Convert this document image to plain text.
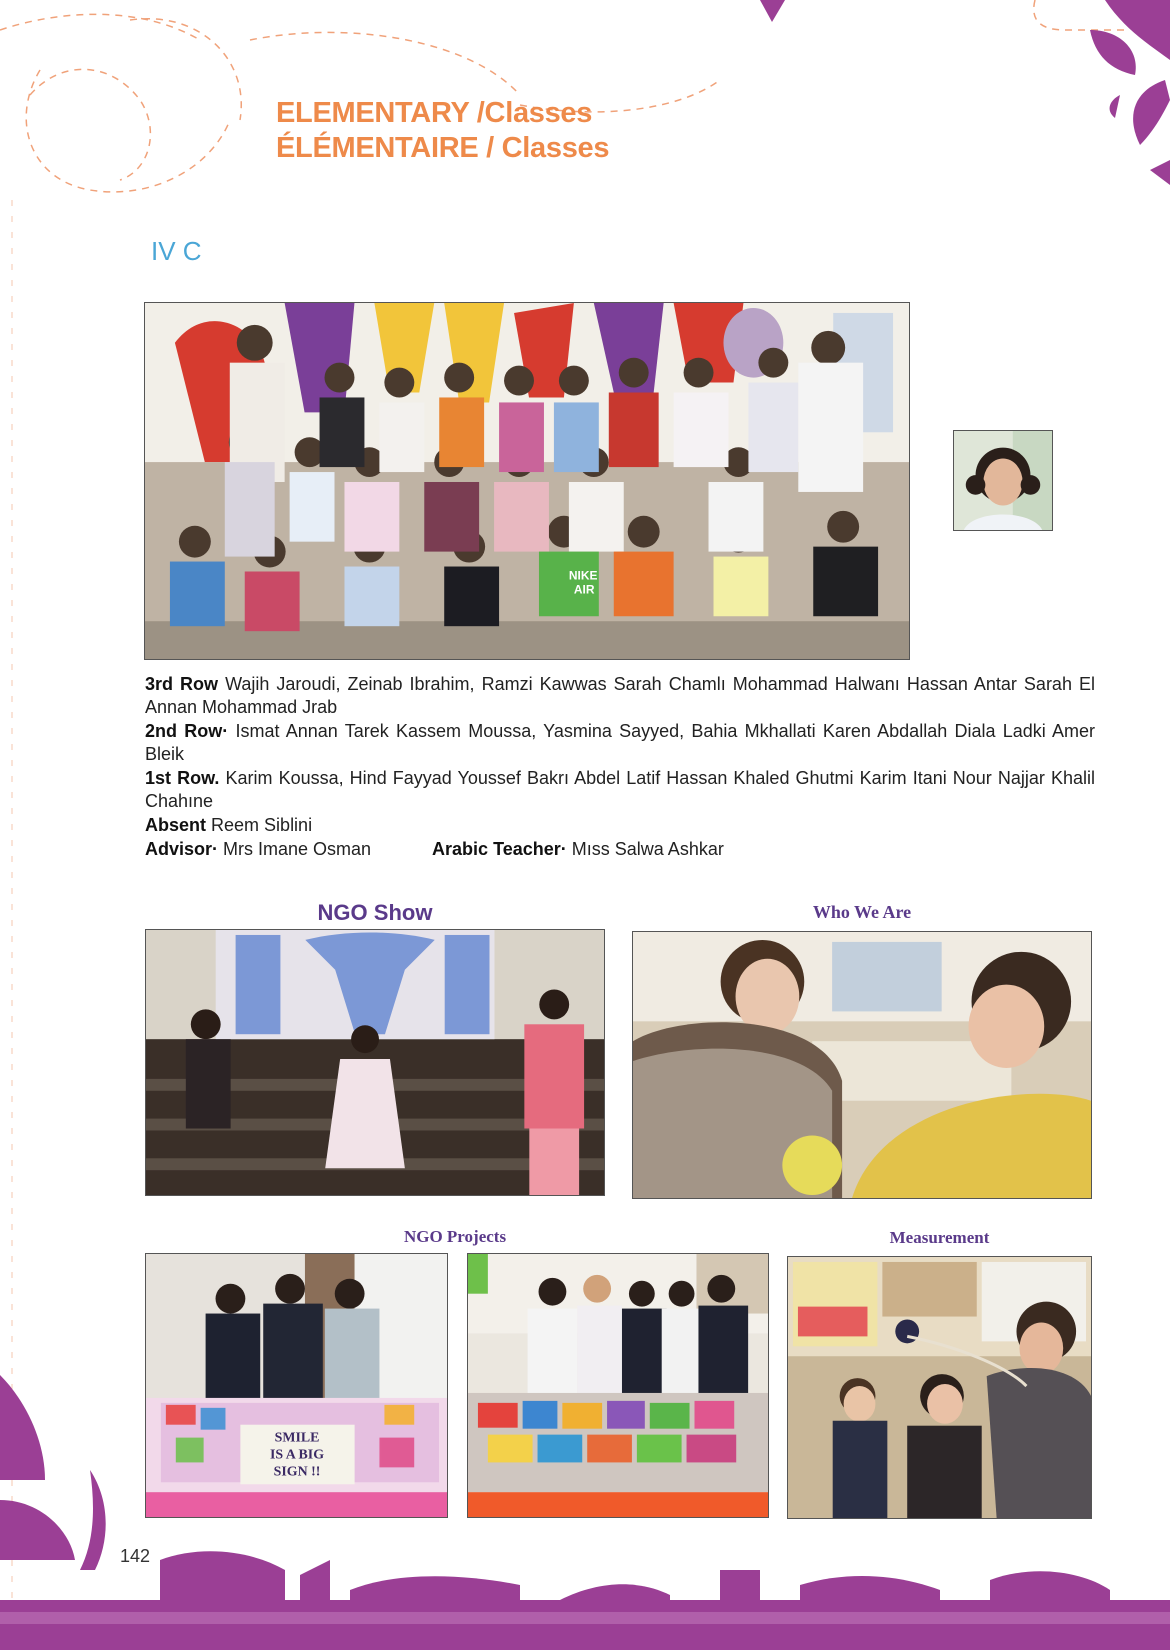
ELEMENTARY /Classes
ÉLÉMENTAIRE / Classes
IV C
NIKE
AIR

3rd Row Wajih Jaroudi, Zeinab Ibrahim, Ramzi Kawwas Sarah Chamlı Mohammad Halwanı Hassan Antar Sarah El Annan Mohammad Jrab

2nd Row· Ismat Annan Tarek Kassem Moussa, Yasmina Sayyed, Bahia Mkhallati Karen Abdallah Diala Ladki Amer Bleik

1st Row. Karim Koussa, Hind Fayyad Youssef Bakrı Abdel Latif Hassan Khaled Ghutmi Karim Itani Nour Najjar Khalil Chahıne

Absent Reem Siblini

Advisor· Mrs Imane Osman	Arabic Teacher· Mıss Salwa Ashkar

NGO Show	Who We Are
NGO Projects	Measurement
SMILE
IS A BIG
SIGN !!
142
